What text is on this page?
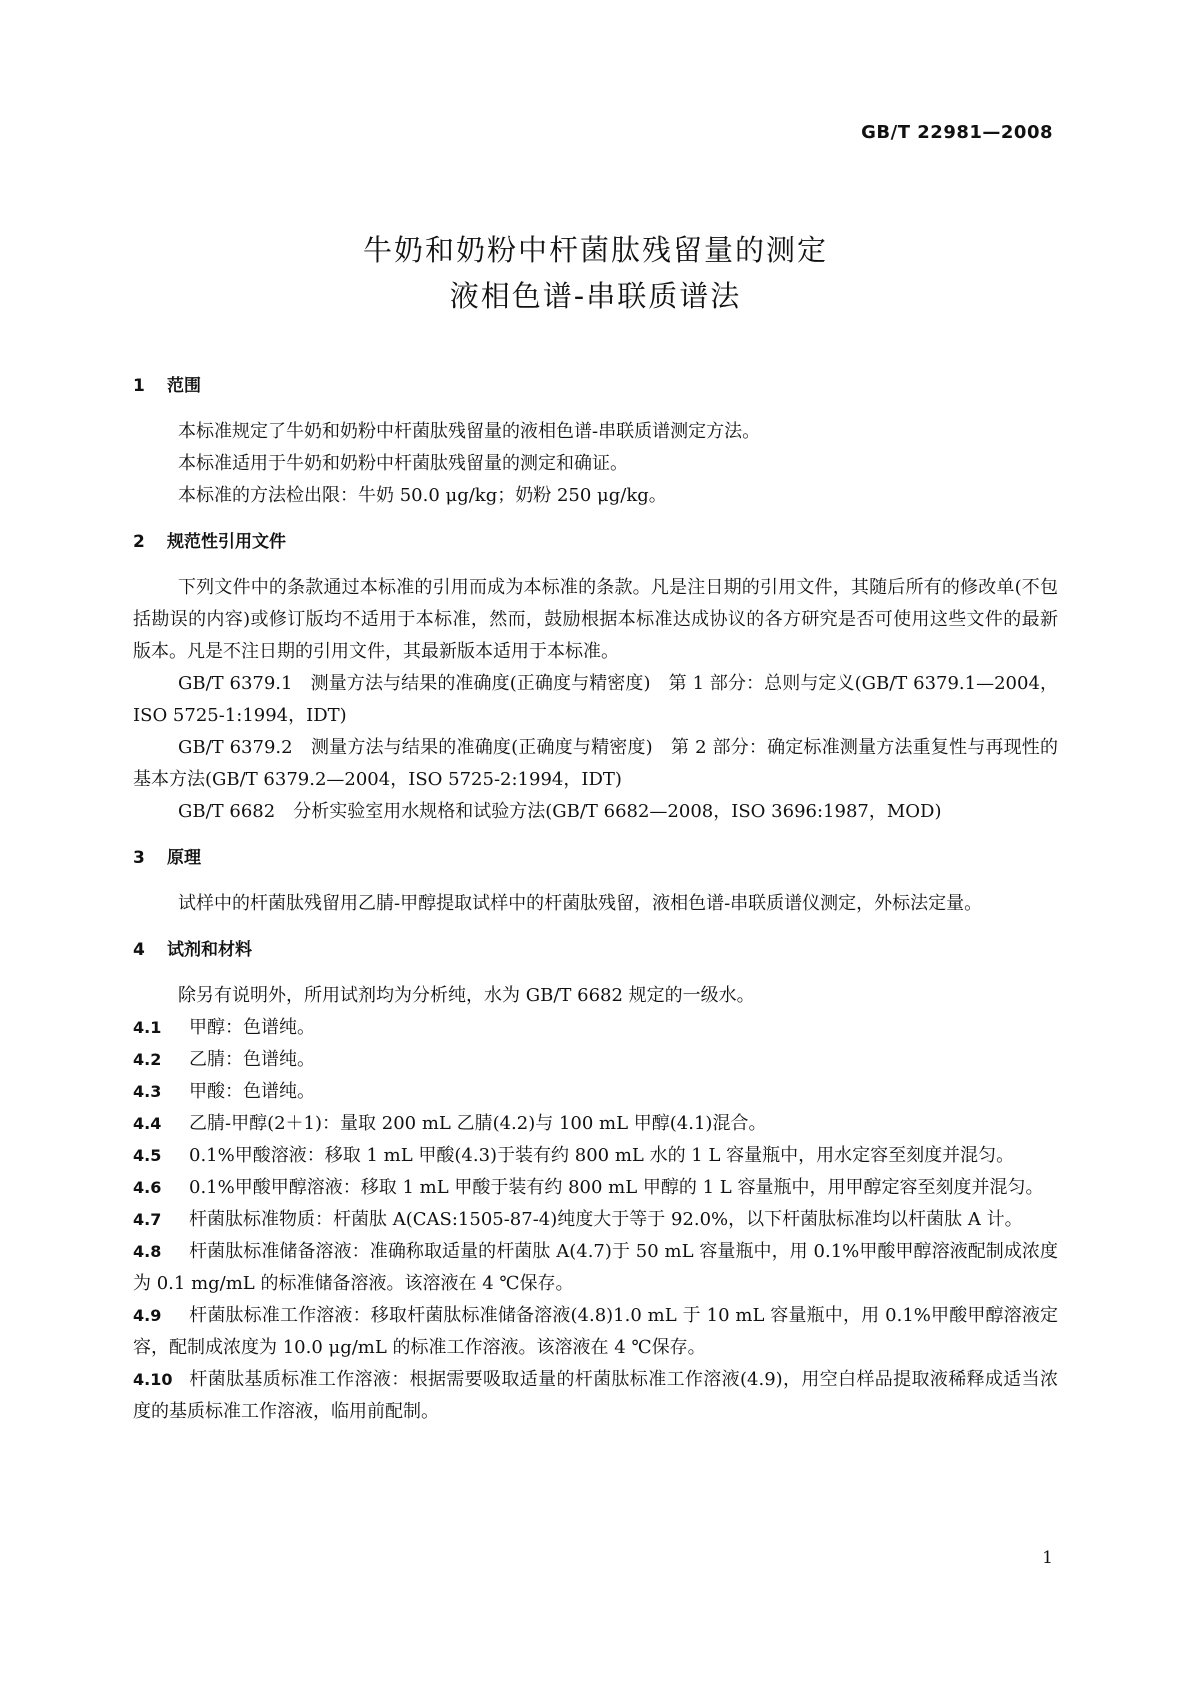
GB/T 22981—2008
牛奶和奶粉中杆菌肽残留量的测定
液相色谱-串联质谱法
1 范围

本标准规定了牛奶和奶粉中杆菌肽残留量的液相色谱-串联质谱测定方法。

本标准适用于牛奶和奶粉中杆菌肽残留量的测定和确证。

本标准的方法检出限：牛奶 50.0 μg/kg；奶粉 250 μg/kg。

2 规范性引用文件

下列文件中的条款通过本标准的引用而成为本标准的条款。凡是注日期的引用文件，其随后所有的修改单(不包括勘误的内容)或修订版均不适用于本标准，然而，鼓励根据本标准达成协议的各方研究是否可使用这些文件的最新版本。凡是不注日期的引用文件，其最新版本适用于本标准。

GB/T 6379.1　测量方法与结果的准确度(正确度与精密度)　第 1 部分：总则与定义(GB/T 6379.1—2004，ISO 5725-1:1994，IDT)

GB/T 6379.2　测量方法与结果的准确度(正确度与精密度)　第 2 部分：确定标准测量方法重复性与再现性的基本方法(GB/T 6379.2—2004，ISO 5725-2:1994，IDT)

GB/T 6682　分析实验室用水规格和试验方法(GB/T 6682—2008，ISO 3696:1987，MOD)

3 原理

试样中的杆菌肽残留用乙腈-甲醇提取试样中的杆菌肽残留，液相色谱-串联质谱仪测定，外标法定量。

4 试剂和材料

除另有说明外，所用试剂均为分析纯，水为 GB/T 6682 规定的一级水。

4.1 甲醇：色谱纯。

4.2 乙腈：色谱纯。

4.3 甲酸：色谱纯。

4.4 乙腈-甲醇(2＋1)：量取 200 mL 乙腈(4.2)与 100 mL 甲醇(4.1)混合。

4.5 0.1%甲酸溶液：移取 1 mL 甲酸(4.3)于装有约 800 mL 水的 1 L 容量瓶中，用水定容至刻度并混匀。

4.6 0.1%甲酸甲醇溶液：移取 1 mL 甲酸于装有约 800 mL 甲醇的 1 L 容量瓶中，用甲醇定容至刻度并混匀。

4.7 杆菌肽标准物质：杆菌肽 A(CAS:1505-87-4)纯度大于等于 92.0%，以下杆菌肽标准均以杆菌肽 A 计。

4.8 杆菌肽标准储备溶液：准确称取适量的杆菌肽 A(4.7)于 50 mL 容量瓶中，用 0.1%甲酸甲醇溶液配制成浓度为 0.1 mg/mL 的标准储备溶液。该溶液在 4 ℃保存。

4.9 杆菌肽标准工作溶液：移取杆菌肽标准储备溶液(4.8)1.0 mL 于 10 mL 容量瓶中，用 0.1%甲酸甲醇溶液定容，配制成浓度为 10.0 μg/mL 的标准工作溶液。该溶液在 4 ℃保存。

4.10 杆菌肽基质标准工作溶液：根据需要吸取适量的杆菌肽标准工作溶液(4.9)，用空白样品提取液稀释成适当浓度的基质标准工作溶液，临用前配制。

1
